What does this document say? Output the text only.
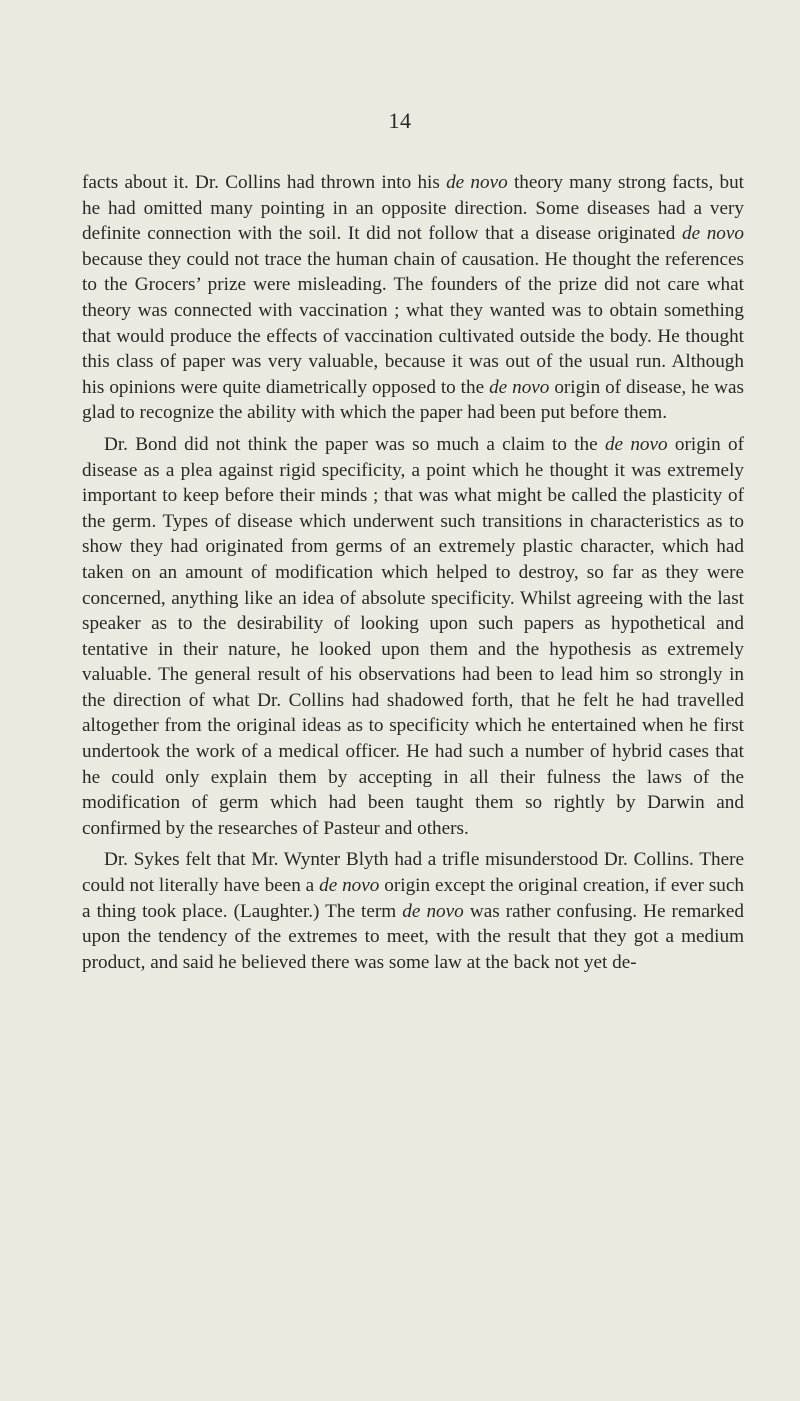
14

facts about it. Dr. Collins had thrown into his de novo theory many strong facts, but he had omitted many pointing in an opposite direction. Some diseases had a very definite connection with the soil. It did not follow that a disease originated de novo because they could not trace the human chain of causation. He thought the references to the Grocers’ prize were misleading. The founders of the prize did not care what theory was connected with vaccination ; what they wanted was to obtain something that would produce the effects of vaccination cultivated outside the body. He thought this class of paper was very valuable, because it was out of the usual run. Although his opinions were quite diametrically opposed to the de novo origin of disease, he was glad to recognize the ability with which the paper had been put before them.

Dr. Bond did not think the paper was so much a claim to the de novo origin of disease as a plea against rigid specificity, a point which he thought it was extremely important to keep before their minds ; that was what might be called the plasticity of the germ. Types of disease which underwent such transitions in characteristics as to show they had originated from germs of an extremely plastic character, which had taken on an amount of modification which helped to destroy, so far as they were concerned, anything like an idea of absolute specificity. Whilst agreeing with the last speaker as to the desirability of looking upon such papers as hypothetical and tentative in their nature, he looked upon them and the hypothesis as extremely valuable. The general result of his observations had been to lead him so strongly in the direction of what Dr. Collins had shadowed forth, that he felt he had travelled altogether from the original ideas as to specificity which he entertained when he first undertook the work of a medical officer. He had such a number of hybrid cases that he could only explain them by accepting in all their fulness the laws of the modification of germ which had been taught them so rightly by Darwin and confirmed by the researches of Pasteur and others.

Dr. Sykes felt that Mr. Wynter Blyth had a trifle misunderstood Dr. Collins. There could not literally have been a de novo origin except the original creation, if ever such a thing took place. (Laughter.) The term de novo was rather confusing. He remarked upon the tendency of the extremes to meet, with the result that they got a medium product, and said he believed there was some law at the back not yet de-
